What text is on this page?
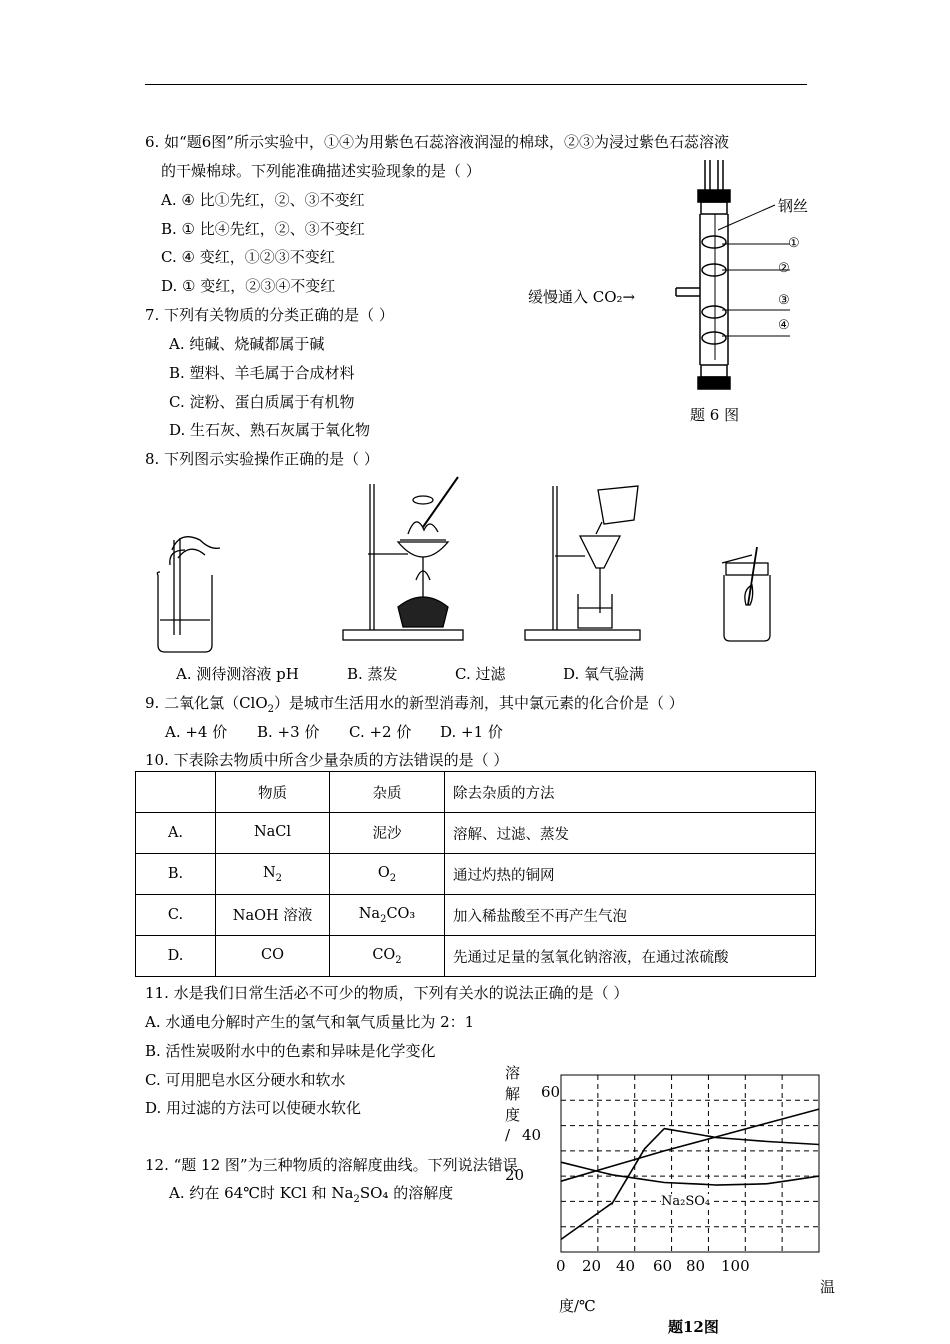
6. 如“题6图”所示实验中，①④为用紫色石蕊溶液润湿的棉球，②③为浸过紫色石蕊溶液
的干燥棉球。下列能准确描述实验现象的是（ ）
A. ④ 比①先红，②、③不变红
B. ① 比④先红，②、③不变红
C. ④ 变红，①②③不变红
D. ① 变红，②③④不变红
钢丝
①
②
③
④
缓慢通入 CO₂→
题 6 图
7. 下列有关物质的分类正确的是（ ）
A. 纯碱、烧碱都属于碱
B. 塑料、羊毛属于合成材料
C. 淀粉、蛋白质属于有机物
D. 生石灰、熟石灰属于氧化物
8. 下列图示实验操作正确的是（ ）
A. 测待测溶液 pH	B. 蒸发	C. 过滤	D. 氧气验满
9. 二氧化氯（ClO$_2$）是城市生活用水的新型消毒剂，其中氯元素的化合价是（ ）
A. +4 价 B. +3 价 C. +2 价 D. +1 价
10. 下表除去物质中所含少量杂质的方法错误的是（ ）
	物质	杂质	除去杂质的方法
A.	NaCl	泥沙	溶解、过滤、蒸发
B.	$N_2$	$O_2$	通过灼热的铜网
C.	NaOH 溶液	$Na_2CO_3$	加入稀盐酸至不再产生气泡
D.	CO	$CO_2$	先通过足量的氢氧化钠溶液，在通过浓硫酸
11. 水是我们日常生活必不可少的物质，下列有关水的说法正确的是（ ）
A. 水通电分解时产生的氢气和氧气质量比为 2：1
B. 活性炭吸附水中的色素和异味是化学变化
C. 可用肥皂水区分硬水和软水
D. 用过滤的方法可以使硬水软化
12. “题 12 图”为三种物质的溶解度曲线。下列说法错误
A. 约在 64℃时 KCl 和 $Na_2SO_4$ 的溶解度
溶
解
度
/
60
40
20
0 20 40 60 80 100
温
度/℃
Na₂SO₄
题12图
